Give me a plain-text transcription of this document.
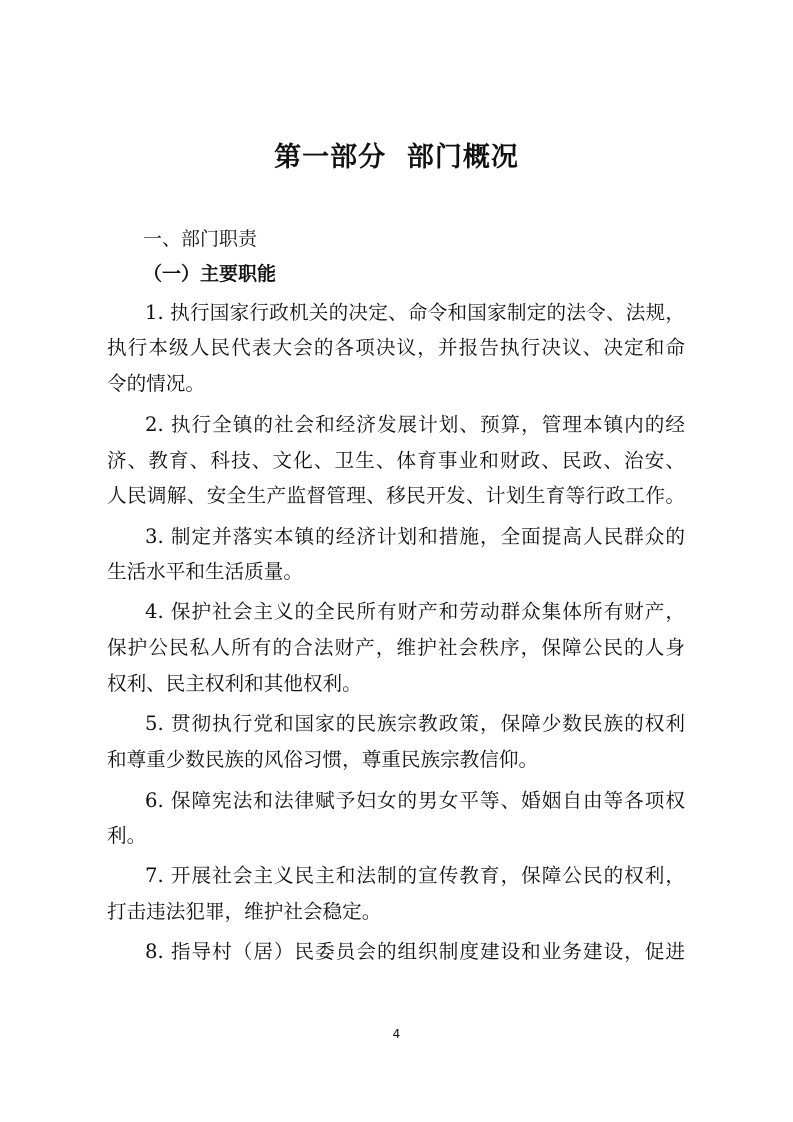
第一部分  部门概况
一、部门职责
（一）主要职能
1. 执行国家行政机关的决定、命令和国家制定的法令、法规，
执行本级人民代表大会的各项决议，并报告执行决议、决定和命
令的情况。
2. 执行全镇的社会和经济发展计划、预算，管理本镇内的经
济、教育、科技、文化、卫生、体育事业和财政、民政、治安、
人民调解、安全生产监督管理、移民开发、计划生育等行政工作。
3. 制定并落实本镇的经济计划和措施，全面提高人民群众的
生活水平和生活质量。
4. 保护社会主义的全民所有财产和劳动群众集体所有财产，
保护公民私人所有的合法财产，维护社会秩序，保障公民的人身
权利、民主权利和其他权利。
5. 贯彻执行党和国家的民族宗教政策，保障少数民族的权利
和尊重少数民族的风俗习惯，尊重民族宗教信仰。
6. 保障宪法和法律赋予妇女的男女平等、婚姻自由等各项权
利。
7. 开展社会主义民主和法制的宣传教育，保障公民的权利，
打击违法犯罪，维护社会稳定。
8. 指导村（居）民委员会的组织制度建设和业务建设，促进
4
